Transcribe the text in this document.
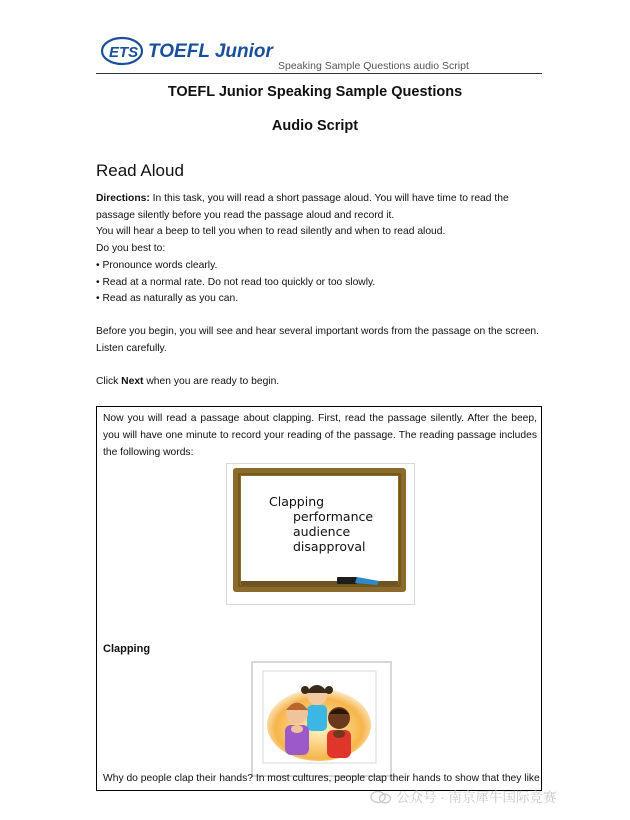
ETS TOEFL Junior
Speaking Sample Questions audio Script
TOEFL Junior Speaking Sample Questions
Audio Script
Read Aloud

Directions: In this task, you will read a short passage aloud. You will have time to read the passage silently before you read the passage aloud and record it.

You will hear a beep to tell you when to read silently and when to read aloud.

Do you best to:

• Pronounce words clearly.

• Read at a normal rate. Do not read too quickly or too slowly.

• Read as naturally as you can.

Before you begin, you will see and hear several important words from the passage on the screen. Listen carefully.
Click Next when you are ready to begin.
Now you will read a passage about clapping. First, read the passage silently. After the beep, you will have one minute to record your reading of the passage. The reading passage includes the following words:
Clapping
performance
audience
disapproval
Clapping
Why do people clap their hands? In most cultures, people clap their hands to show that they like
公众号 · 南京犀牛国际竞赛
